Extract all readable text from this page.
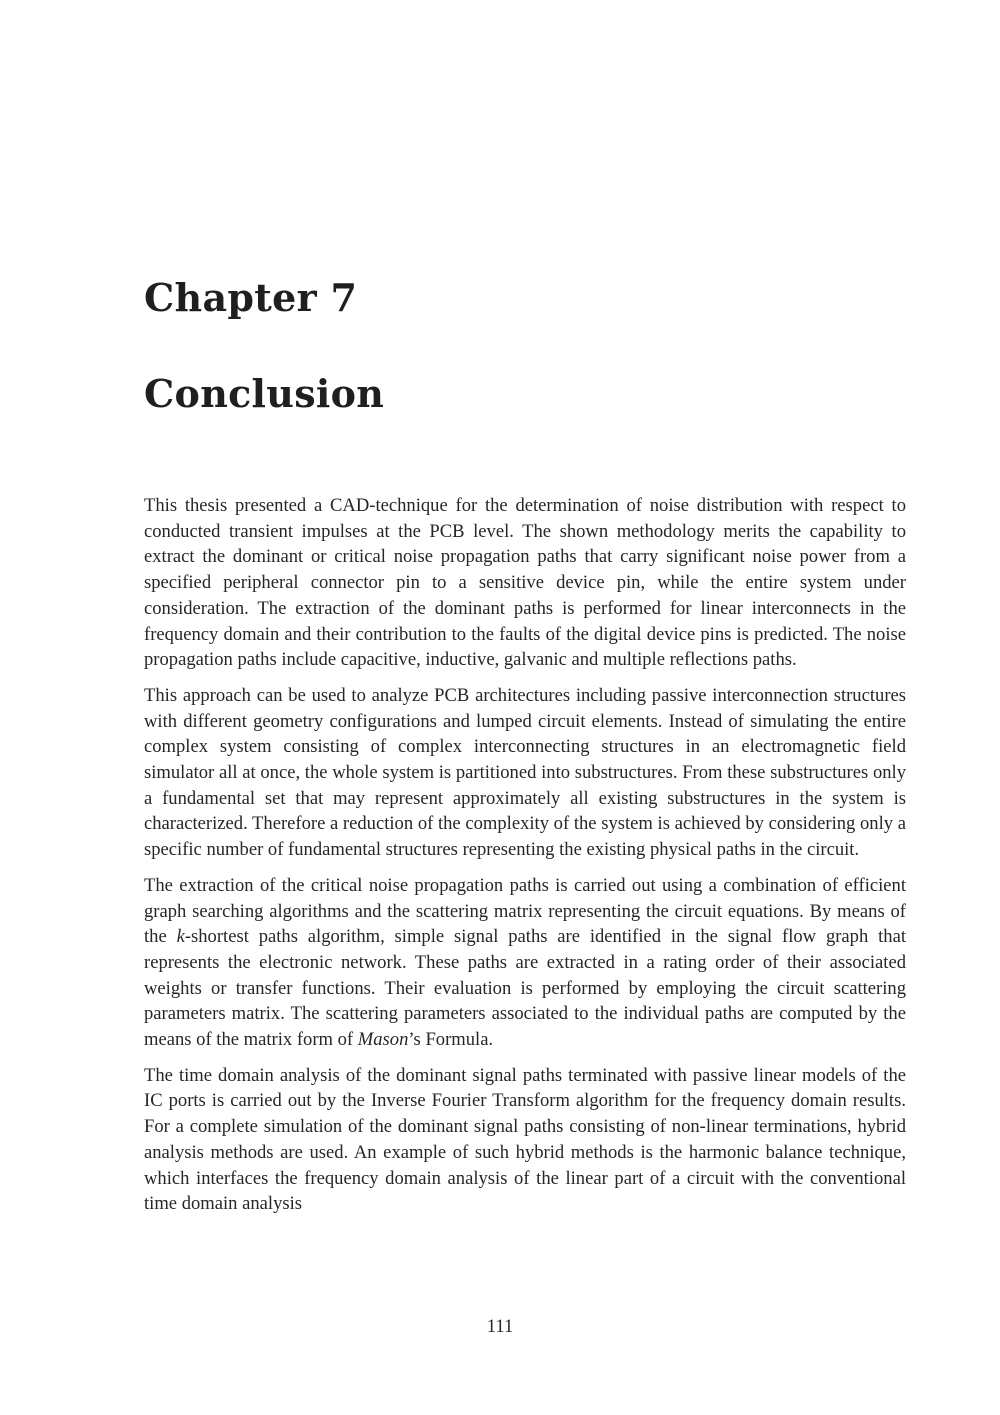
Chapter 7
Conclusion

This thesis presented a CAD-technique for the determination of noise distribution with respect to conducted transient impulses at the PCB level. The shown methodology merits the capability to extract the dominant or critical noise propagation paths that carry significant noise power from a specified peripheral connector pin to a sensitive device pin, while the entire system under consideration. The extraction of the dominant paths is performed for linear interconnects in the frequency domain and their contribution to the faults of the digital device pins is predicted. The noise propagation paths include capacitive, inductive, galvanic and multiple reflections paths.

This approach can be used to analyze PCB architectures including passive interconnection structures with different geometry configurations and lumped circuit elements. Instead of simulating the entire complex system consisting of complex interconnecting structures in an electromagnetic field simulator all at once, the whole system is partitioned into substructures. From these substructures only a fundamental set that may represent approximately all existing substructures in the system is characterized. Therefore a reduction of the complexity of the system is achieved by considering only a specific number of fundamental structures representing the existing physical paths in the circuit.

The extraction of the critical noise propagation paths is carried out using a combination of efficient graph searching algorithms and the scattering matrix representing the circuit equations. By means of the k-shortest paths algorithm, simple signal paths are identified in the signal flow graph that represents the electronic network. These paths are extracted in a rating order of their associated weights or transfer functions. Their evaluation is performed by employing the circuit scattering parameters matrix. The scattering parameters associated to the individual paths are computed by the means of the matrix form of Mason’s Formula.

The time domain analysis of the dominant signal paths terminated with passive linear models of the IC ports is carried out by the Inverse Fourier Transform algorithm for the frequency domain results. For a complete simulation of the dominant signal paths consisting of non-linear terminations, hybrid analysis methods are used. An example of such hybrid methods is the harmonic balance technique, which interfaces the frequency domain analysis of the linear part of a circuit with the conventional time domain analysis

111
